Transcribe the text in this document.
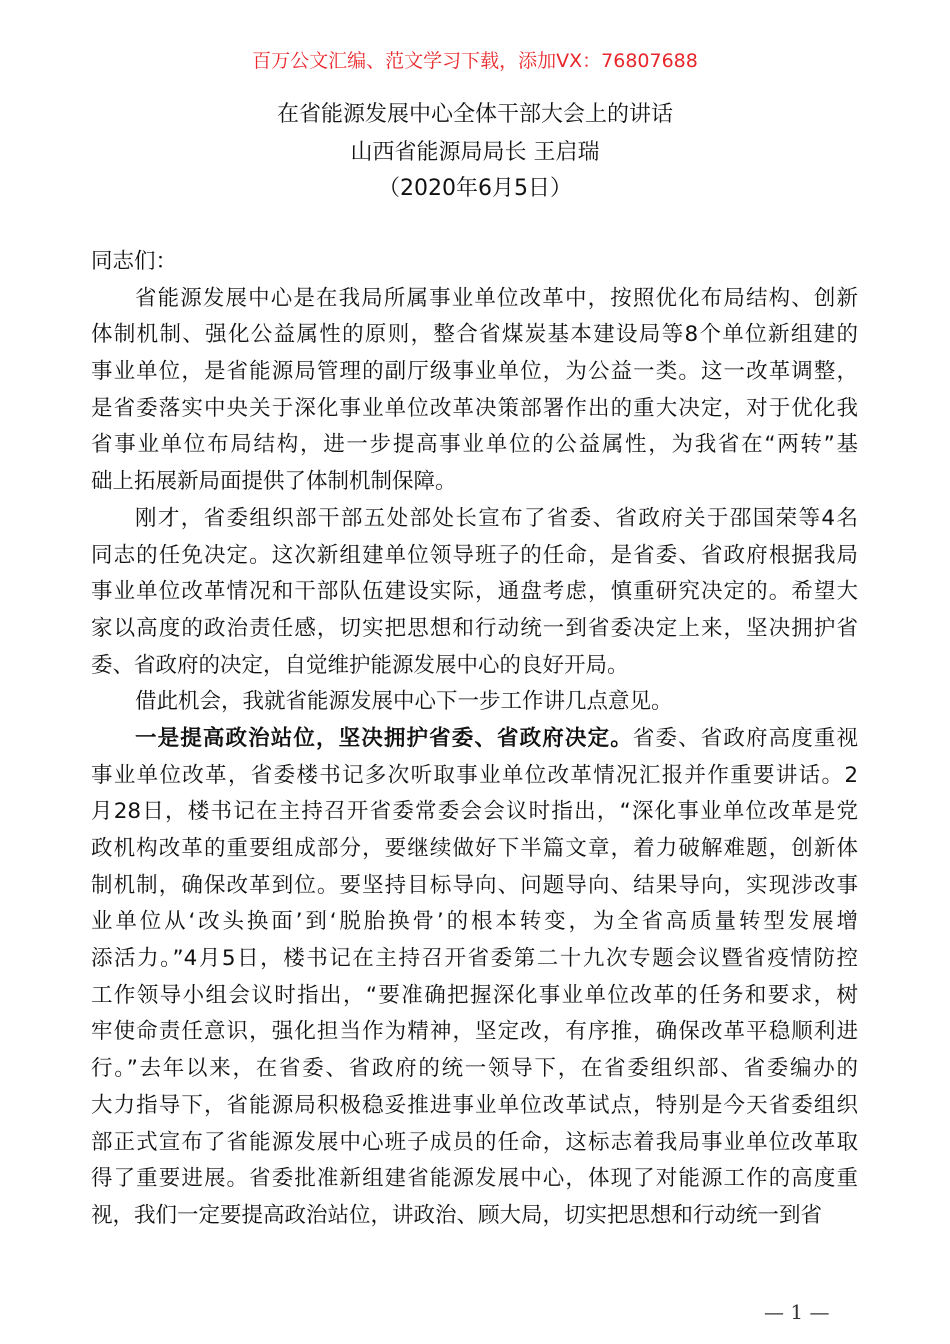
百万公文汇编、范文学习下载，添加VX：76807688
在省能源发展中心全体干部大会上的讲话
山西省能源局局长 王启瑞
（2020年6月5日）
同志们：
省能源发展中心是在我局所属事业单位改革中，按照优化布局结构、创新
体制机制、强化公益属性的原则，整合省煤炭基本建设局等8个单位新组建的
事业单位，是省能源局管理的副厅级事业单位，为公益一类。这一改革调整，
是省委落实中央关于深化事业单位改革决策部署作出的重大决定，对于优化我
省事业单位布局结构，进一步提高事业单位的公益属性，为我省在“两转”基
础上拓展新局面提供了体制机制保障。
刚才，省委组织部干部五处部处长宣布了省委、省政府关于邵国荣等4名
同志的任免决定。这次新组建单位领导班子的任命，是省委、省政府根据我局
事业单位改革情况和干部队伍建设实际，通盘考虑，慎重研究决定的。希望大
家以高度的政治责任感，切实把思想和行动统一到省委决定上来，坚决拥护省
委、省政府的决定，自觉维护能源发展中心的良好开局。
借此机会，我就省能源发展中心下一步工作讲几点意见。
一是提高政治站位，坚决拥护省委、省政府决定。省委、省政府高度重视
事业单位改革，省委楼书记多次听取事业单位改革情况汇报并作重要讲话。2
月28日，楼书记在主持召开省委常委会会议时指出，“深化事业单位改革是党
政机构改革的重要组成部分，要继续做好下半篇文章，着力破解难题，创新体
制机制，确保改革到位。要坚持目标导向、问题导向、结果导向，实现涉改事
业单位从‘改头换面’到‘脱胎换骨’的根本转变，为全省高质量转型发展增
添活力。”4月5日，楼书记在主持召开省委第二十九次专题会议暨省疫情防控
工作领导小组会议时指出，“要准确把握深化事业单位改革的任务和要求，树
牢使命责任意识，强化担当作为精神，坚定改，有序推，确保改革平稳顺利进
行。”去年以来，在省委、省政府的统一领导下，在省委组织部、省委编办的
大力指导下，省能源局积极稳妥推进事业单位改革试点，特别是今天省委组织
部正式宣布了省能源发展中心班子成员的任命，这标志着我局事业单位改革取
得了重要进展。省委批准新组建省能源发展中心，体现了对能源工作的高度重
视，我们一定要提高政治站位，讲政治、顾大局，切实把思想和行动统一到省
— 1 —
